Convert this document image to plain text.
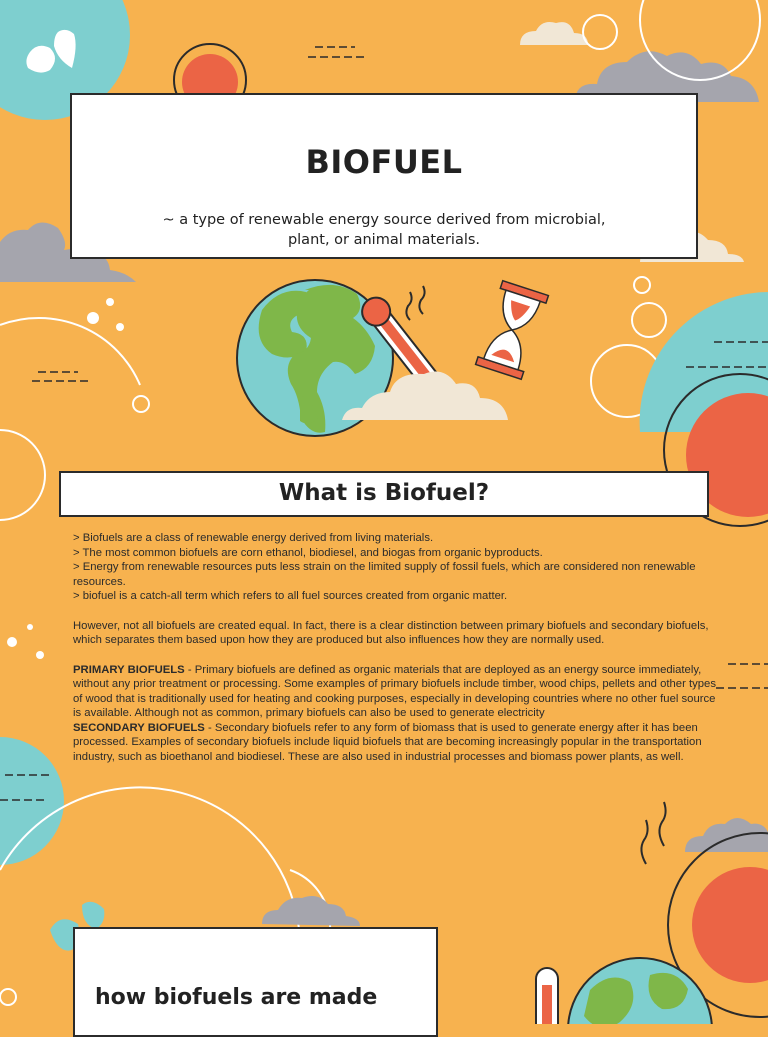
BIOFUEL
~ a type of renewable energy source derived from microbial,
plant, or animal materials.
What is Biofuel?

> Biofuels are a class of renewable energy derived from living materials.

> The most common biofuels are corn ethanol, biodiesel, and biogas from organic byproducts.

> Energy from renewable resources puts less strain on the limited supply of fossil fuels, which are considered non renewable resources.

> biofuel is a catch-all term which refers to all fuel sources created from organic matter.

However, not all biofuels are created equal. In fact, there is a clear distinction between primary biofuels and secondary biofuels, which separates them based upon how they are produced but also influences how they are normally used.

PRIMARY BIOFUELS - Primary biofuels are defined as organic materials that are deployed as an energy source immediately, without any prior treatment or processing. Some examples of primary biofuels include timber, wood chips, pellets and other types of wood that is traditionally used for heating and cooking purposes, especially in developing countries where no other fuel source is available. Although not as common, primary biofuels can also be used to generate electricity

SECONDARY BIOFUELS - Secondary biofuels refer to any form of biomass that is used to generate energy after it has been processed. Examples of secondary biofuels include liquid biofuels that are becoming increasingly popular in the transportation industry, such as bioethanol and biodiesel. These are also used in industrial processes and biomass power plants, as well.

how biofuels are made
